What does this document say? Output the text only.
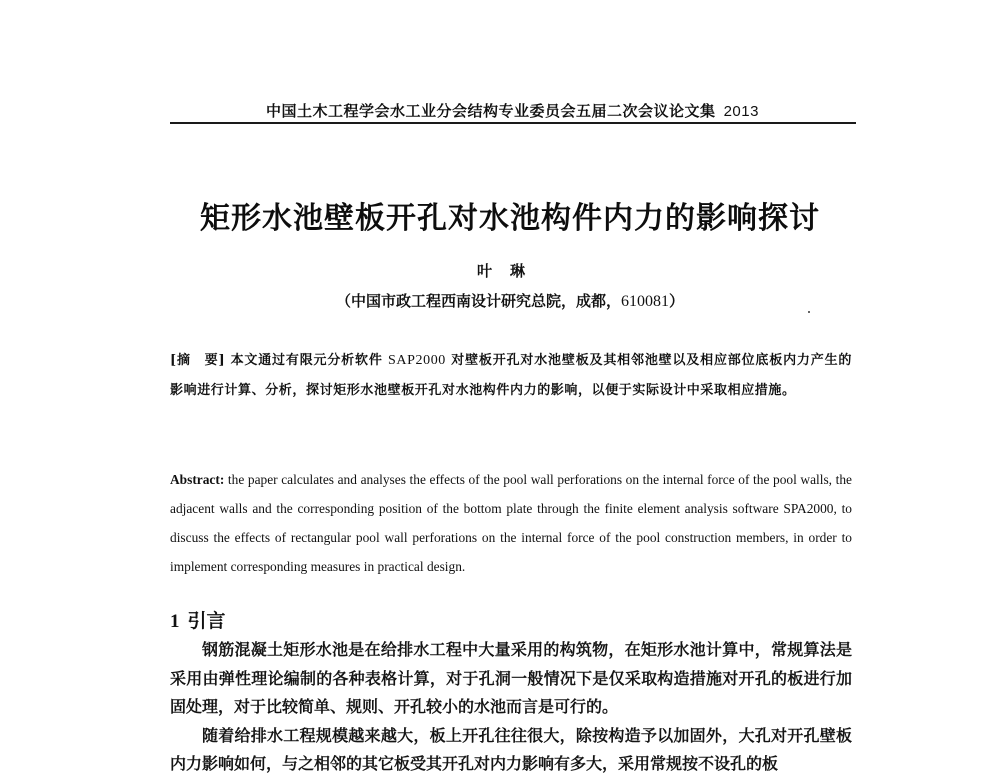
中国土木工程学会水工业分会结构专业委员会五届二次会议论文集 2013
矩形水池壁板开孔对水池构件内力的影响探讨
叶琳
（中国市政工程西南设计研究总院，成都，610081）
[摘　要] 本文通过有限元分析软件 SAP2000 对壁板开孔对水池壁板及其相邻池壁以及相应部位底板内力产生的影响进行计算、分析，探讨矩形水池壁板开孔对水池构件内力的影响，以便于实际设计中采取相应措施。
Abstract: the paper calculates and analyses the effects of the pool wall perforations on the internal force of the pool walls, the adjacent walls and the corresponding position of the bottom plate through the finite element analysis software SPA2000, to discuss the effects of rectangular pool wall perforations on the internal force of the pool construction members, in order to implement corresponding measures in practical design.
1 引言

钢筋混凝土矩形水池是在给排水工程中大量采用的构筑物，在矩形水池计算中，常规算法是采用由弹性理论编制的各种表格计算，对于孔洞一般情况下是仅采取构造措施对开孔的板进行加固处理，对于比较简单、规则、开孔较小的水池而言是可行的。

随着给排水工程规模越来越大，板上开孔往往很大，除按构造予以加固外，大孔对开孔壁板内力影响如何，与之相邻的其它板受其开孔对内力影响有多大，采用常规按不设孔的板
